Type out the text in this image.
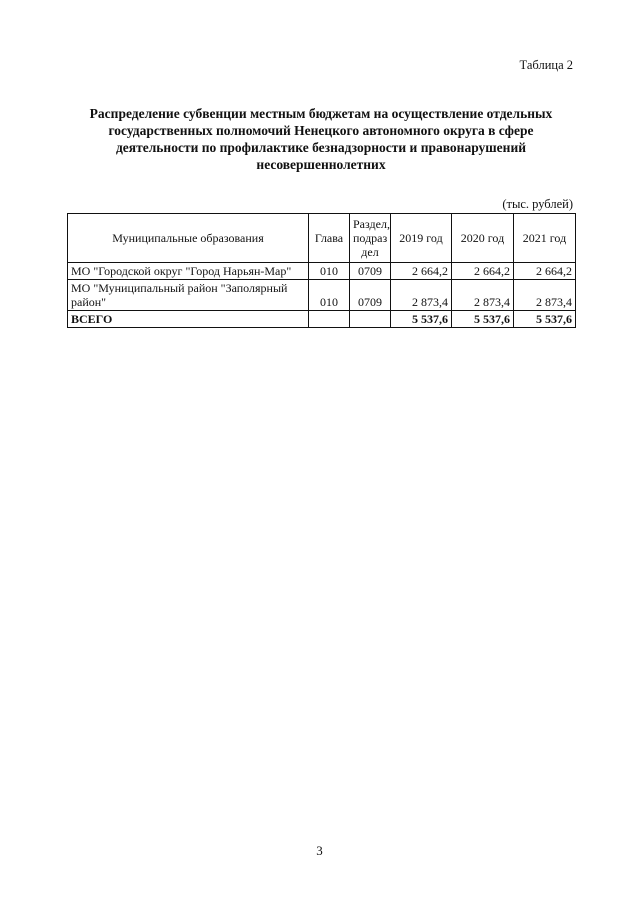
Таблица 2
Распределение субвенции местным бюджетам на осуществление отдельных
государственных полномочий Ненецкого автономного округа в сфере
деятельности по профилактике безнадзорности и правонарушений
несовершеннолетних
(тыс. рублей)
Муниципальные образования	Глава	Раздел,
подраз
дел	2019 год	2020 год	2021 год
МО "Городской округ "Город Нарьян-Мар"	010	0709	2 664,2	2 664,2	2 664,2
МО "Муниципальный район "Заполярный район"	010	0709	2 873,4	2 873,4	2 873,4
ВСЕГО			5 537,6	5 537,6	5 537,6
3
